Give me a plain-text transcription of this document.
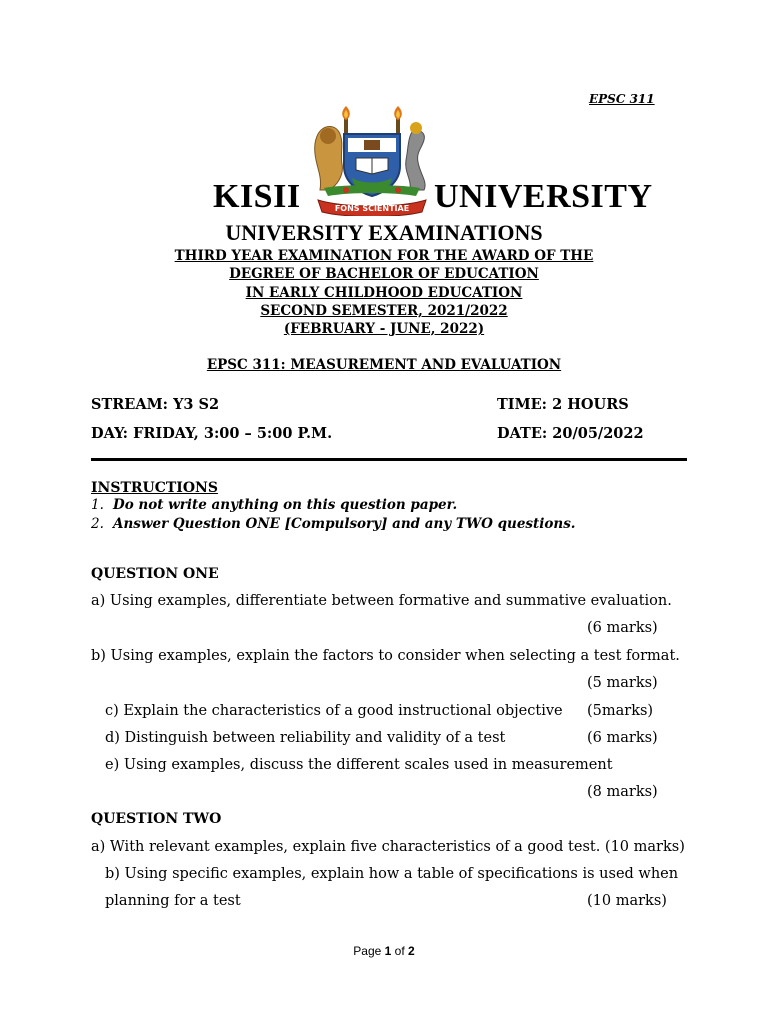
EPSC 311
FONS SCIENTIAE
KISII	UNIVERSITY
UNIVERSITY EXAMINATIONS
THIRD YEAR EXAMINATION FOR THE AWARD OF THE
DEGREE OF BACHELOR OF EDUCATION
IN EARLY CHILDHOOD EDUCATION
SECOND SEMESTER, 2021/2022
(FEBRUARY - JUNE, 2022)
EPSC 311: MEASUREMENT AND EVALUATION
STREAM: Y3 S2	TIME: 2 HOURS
DAY: FRIDAY, 3:00 – 5:00 P.M.	DATE: 20/05/2022
INSTRUCTIONS
1. Do not write anything on this question paper.
2. Answer Question ONE [Compulsory] and any TWO questions.
QUESTION ONE
a) Using examples, differentiate between formative and summative evaluation.
(6 marks)
b) Using examples, explain the factors to consider when selecting a test format.
(5 marks)
c) Explain the characteristics of a good instructional objective (5marks)
d) Distinguish between reliability and validity of a test	(6 marks)
e) Using examples, discuss the different scales used in measurement
(8 marks)
QUESTION TWO
a) With relevant examples, explain five characteristics of a good test. (10 marks)
b) Using specific examples, explain how a table of specifications is used when
planning for a test	(10 marks)
Page 1 of 2
